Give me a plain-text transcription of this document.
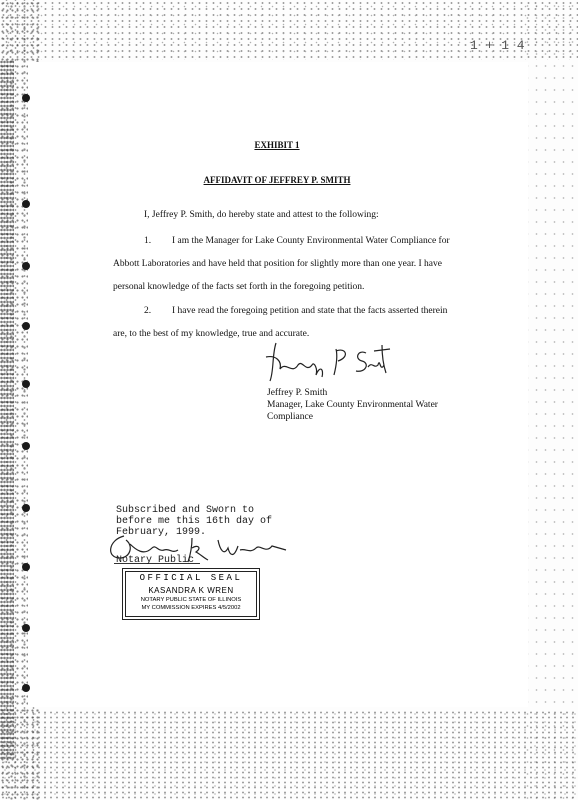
1 + 1 4
EXHIBIT 1
AFFIDAVIT OF JEFFREY P. SMITH
I, Jeffrey P. Smith, do hereby state and attest to the following:
1. I am the Manager for Lake County Environmental Water Compliance for
Abbott Laboratories and have held that position for slightly more than one year. I have
personal knowledge of the facts set forth in the foregoing petition.
2. I have read the foregoing petition and state that the facts asserted therein
are, to the best of my knowledge, true and accurate.
Jeffrey P. Smith
Manager, Lake County Environmental Water
Compliance
Subscribed and Sworn to
before me this 16th day of
February, 1999.
Notary Public
OFFICIAL SEAL
KASANDRA K WREN
NOTARY PUBLIC STATE OF ILLINOIS
MY COMMISSION EXPIRES 4/5/2002
